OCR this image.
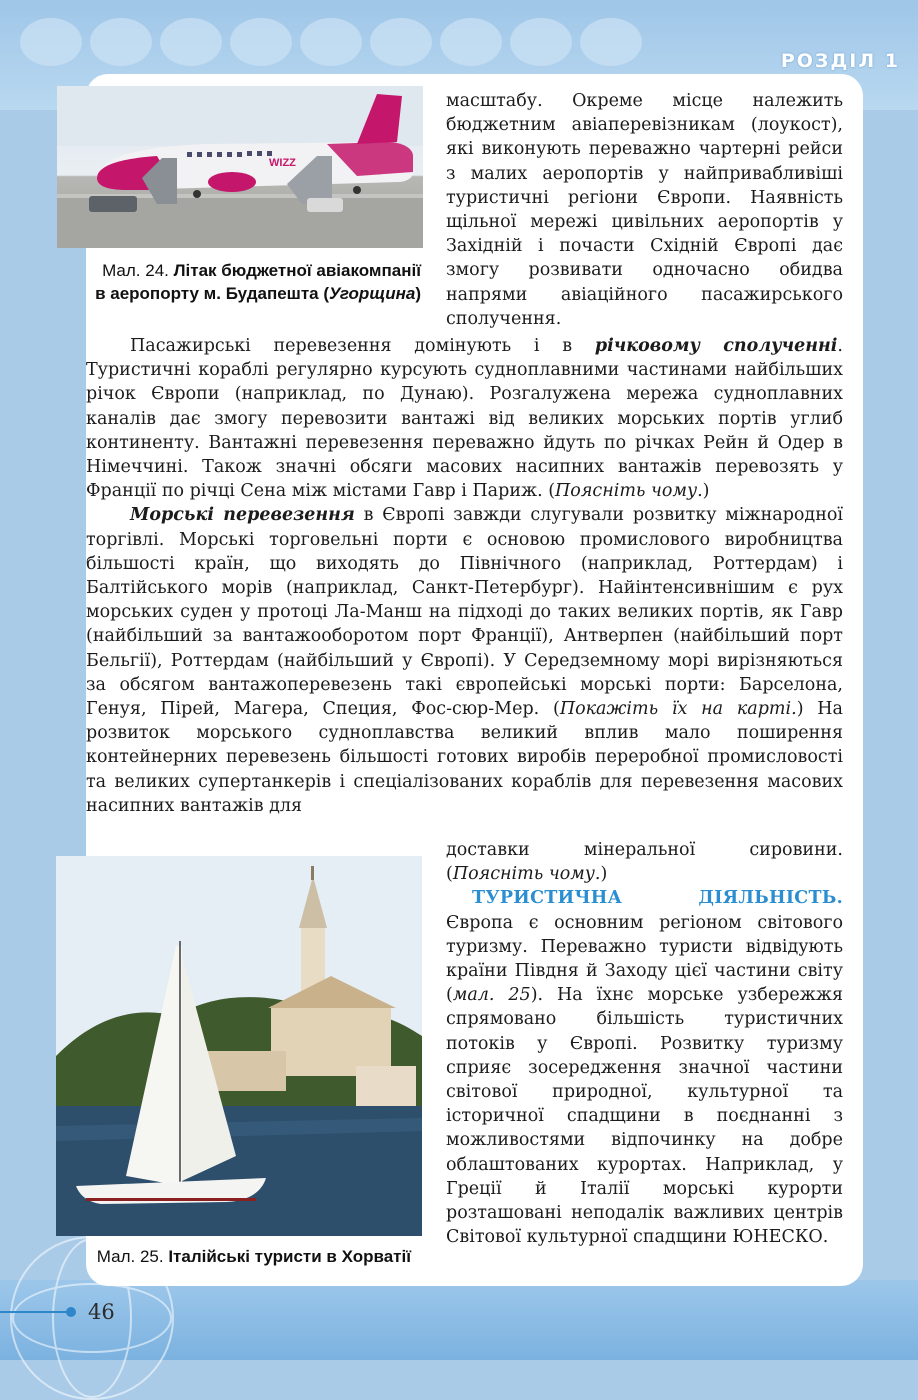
РОЗДІЛ 1
WIZZ
Мал. 24. Літак бюджетної авіакомпанії
в аеропорту м. Будапешта (Угорщина)

масштабу. Окреме місце належить бюджетним авіаперевізникам (лоукост), які виконують переважно чартерні рейси з малих аеропортів у найпривабливіші туристичні регіони Європи. Наявність щільної мережі цивільних аеропортів у Західній і почасти Східній Європі дає змогу розвивати одночасно обидва напрями авіаційного пасажирського сполучення.

Пасажирські перевезення домінують і в річковому сполученні. Туристичні кораблі регулярно курсують судноплавними частинами найбільших річок Європи (наприклад, по Дунаю). Розгалужена мережа судноплавних каналів дає змогу перевозити вантажі від великих морських портів углиб континенту. Вантажні перевезення переважно йдуть по річках Рейн й Одер в Німеччині. Також значні обсяги масових насипних вантажів перевозять у Франції по річці Сена між містами Гавр і Париж. (Поясніть чому.)

Морські перевезення в Європі завжди слугували розвитку міжнародної торгівлі. Морські торговельні порти є основою промислового виробництва більшості країн, що виходять до Північного (наприклад, Роттердам) і Балтійського морів (наприклад, Санкт-Петербург). Найінтенсивнішим є рух морських суден у протоці Ла-Манш на підході до таких великих портів, як Гавр (найбільший за вантажооборотом порт Франції), Антверпен (найбільший порт Бельгії), Роттердам (найбільший у Європі). У Середземному морі вирізняються за обсягом вантажоперевезень такі європейські морські порти: Барселона, Генуя, Пірей, Магера, Специя, Фос-сюр-Мер. (Покажіть їх на карті.) На розвиток морського судноплавства великий вплив мало поширення контейнерних перевезень більшості готових виробів переробної промисловості та великих супертанкерів і спеціалізованих кораблів для перевезення масових насипних вантажів для

Мал. 25. Італійські туристи в Хорватії

доставки мінеральної сировини. (Поясніть чому.)

ТУРИСТИЧНА ДІЯЛЬНІСТЬ. Європа є основним регіоном світового туризму. Переважно туристи відвідують країни Півдня й Заходу цієї частини світу (мал. 25). На їхнє морське узбережжя спрямовано більшість туристичних потоків у Європі. Розвитку туризму сприяє зосередження значної частини світової природної, культурної та історичної спадщини в поєднанні з можливостями відпочинку на добре облаштованих курортах. Наприклад, у Греції й Італії морські курорти розташовані неподалік важливих центрів Світової культурної спадщини ЮНЕСКО.

46
